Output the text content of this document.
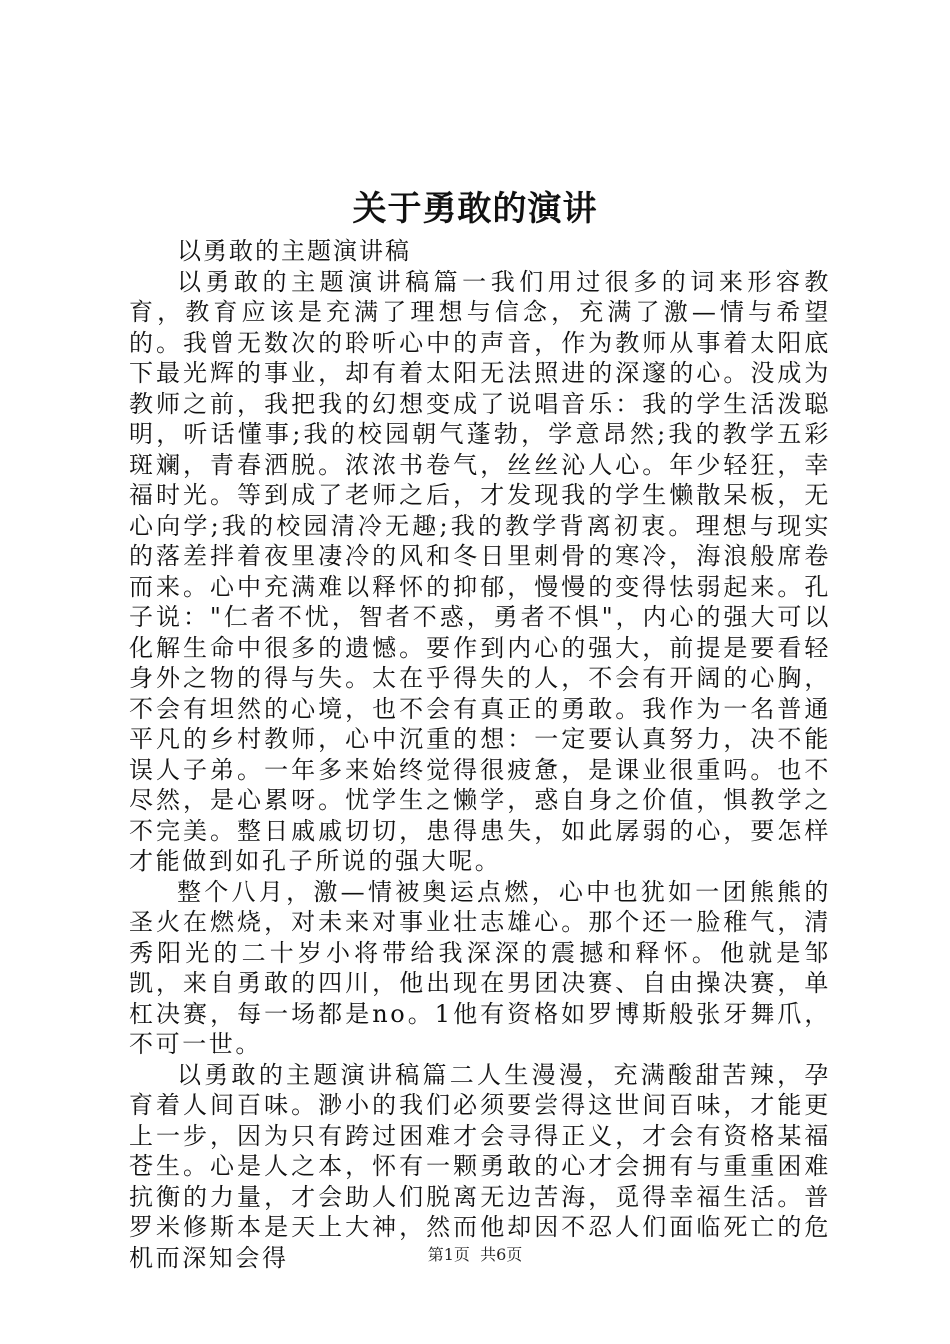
关于勇敢的演讲

以勇敢的主题演讲稿

以勇敢的主题演讲稿篇一我们用过很多的词来形容教育，教育应该是充满了理想与信念，充满了激—情与希望的。我曾无数次的聆听心中的声音，作为教师从事着太阳底下最光辉的事业，却有着太阳无法照进的深邃的心。没成为教师之前，我把我的幻想变成了说唱音乐：我的学生活泼聪明，听话懂事;我的校园朝气蓬勃，学意昂然;我的教学五彩斑斓，青春洒脱。浓浓书卷气，丝丝沁人心。年少轻狂，幸福时光。等到成了老师之后，才发现我的学生懒散呆板，无心向学;我的校园清冷无趣;我的教学背离初衷。理想与现实的落差拌着夜里凄冷的风和冬日里刺骨的寒冷，海浪般席卷而来。心中充满难以释怀的抑郁，慢慢的变得怯弱起来。孔子说："仁者不忧，智者不惑，勇者不惧"，内心的强大可以化解生命中很多的遗憾。要作到内心的强大，前提是要看轻身外之物的得与失。太在乎得失的人，不会有开阔的心胸，不会有坦然的心境，也不会有真正的勇敢。我作为一名普通平凡的乡村教师，心中沉重的想：一定要认真努力，决不能误人子弟。一年多来始终觉得很疲惫，是课业很重吗。也不尽然，是心累呀。忧学生之懒学，惑自身之价值，惧教学之不完美。整日戚戚切切，患得患失，如此孱弱的心，要怎样才能做到如孔子所说的强大呢。

整个八月，激—情被奥运点燃，心中也犹如一团熊熊的圣火在燃烧，对未来对事业壮志雄心。那个还一脸稚气，清秀阳光的二十岁小将带给我深深的震撼和释怀。他就是邹凯，来自勇敢的四川，他出现在男团决赛、自由操决赛，单杠决赛，每一场都是no。1他有资格如罗博斯般张牙舞爪，不可一世。

以勇敢的主题演讲稿篇二人生漫漫，充满酸甜苦辣，孕育着人间百味。渺小的我们必须要尝得这世间百味，才能更上一步，因为只有跨过困难才会寻得正义，才会有资格某福苍生。心是人之本，怀有一颗勇敢的心才会拥有与重重困难抗衡的力量，才会助人们脱离无边苦海，觅得幸福生活。普罗米修斯本是天上大神，然而他却因不忍人们面临死亡的危机而深知会得	第1页  共6页
